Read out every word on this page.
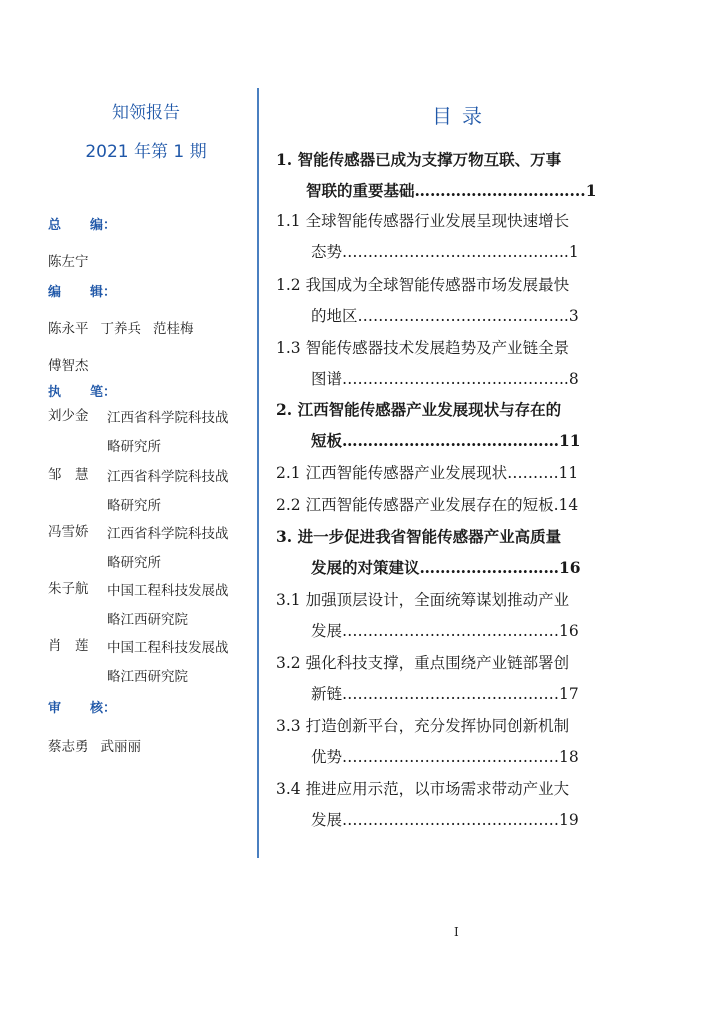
知领报告
2021 年第 1 期
总 编：
陈左宁
编 辑：
陈永平 丁养兵 范桂梅
傅智杰
执 笔：
刘少金	江西省科学院科技战
略研究所
邹　慧	江西省科学院科技战
略研究所
冯雪娇	江西省科学院科技战
略研究所
朱子航	中国工程科技发展战
略江西研究院
肖　莲	中国工程科技发展战
略江西研究院
审 核：
蔡志勇 武丽丽
目录
1. 智能传感器已成为支撑万物互联、万事
智联的重要基础…………………………...1
1.1 全球智能传感器行业发展呈现快速增长
态势……………………………………..1
1.2 我国成为全球智能传感器市场发展最快
的地区…………………………………..3
1.3 智能传感器技术发展趋势及产业链全景
图谱……………………………………..8
2. 江西智能传感器产业发展现状与存在的
短板……………………………………11
2.1 江西智能传感器产业发展现状……….11
2.2 江西智能传感器产业发展存在的短板.14
3. 进一步促进我省智能传感器产业高质量
发展的对策建议………………………16
3.1 加强顶层设计，全面统筹谋划推动产业
发展……………………………………16
3.2 强化科技支撑，重点围绕产业链部署创
新链……………………………………17
3.3 打造创新平台，充分发挥协同创新机制
优势……………………………………18
3.4 推进应用示范，以市场需求带动产业大
发展……………………………………19
I
